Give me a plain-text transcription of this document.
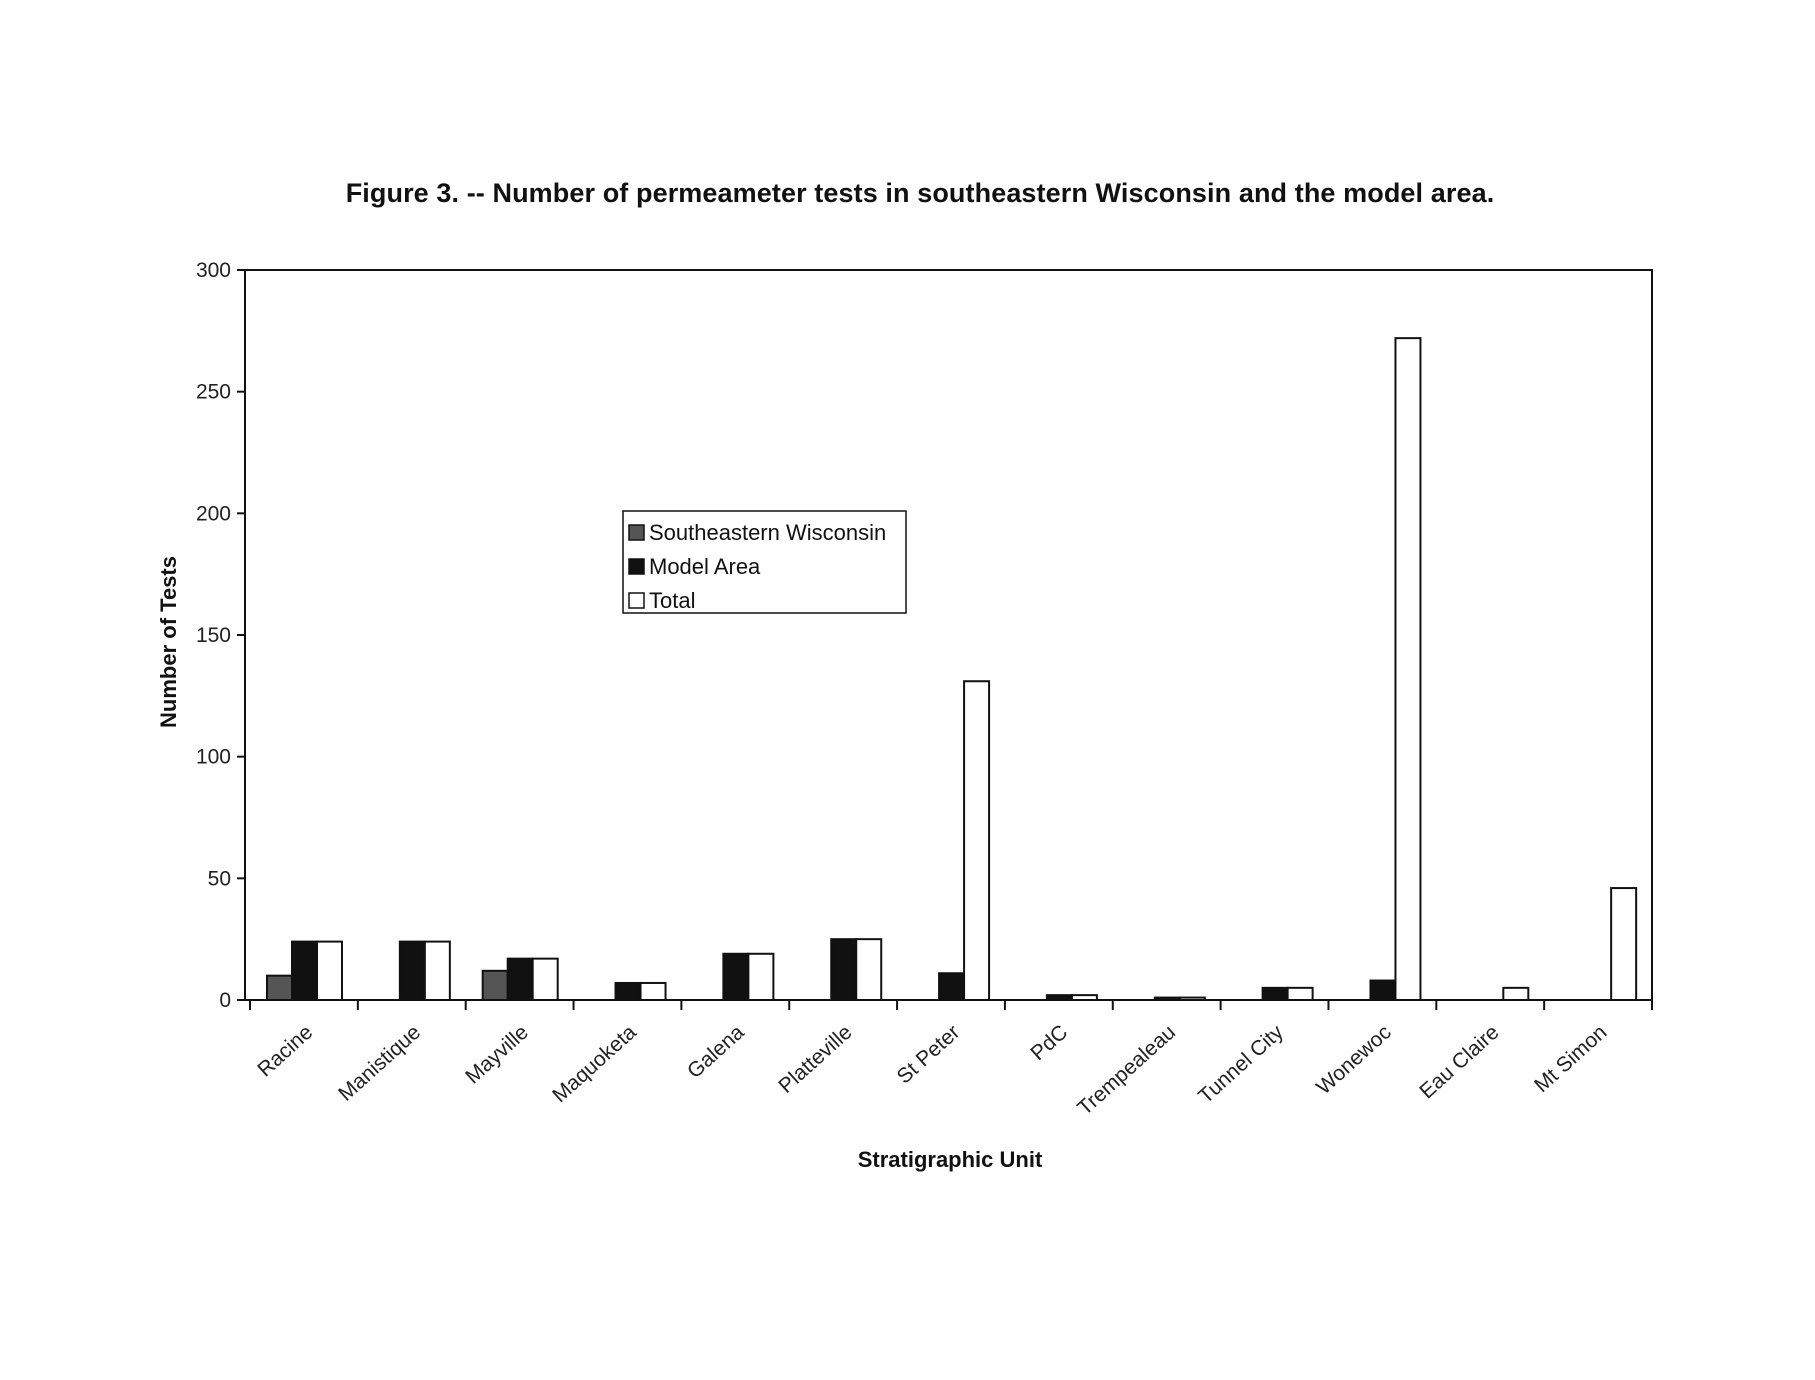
Figure 3. -- Number of permeameter tests in southeastern Wisconsin and the model area.
0
50
100
150
200
250
300
Racine Manistique Mayville Maquoketa Galena Platteville St Peter	PdC Trempealeau Tunnel City Wonewoc Eau Claire Mt Simon
Number of Tests
Stratigraphic Unit
Southeastern Wisconsin
Model Area
Total
